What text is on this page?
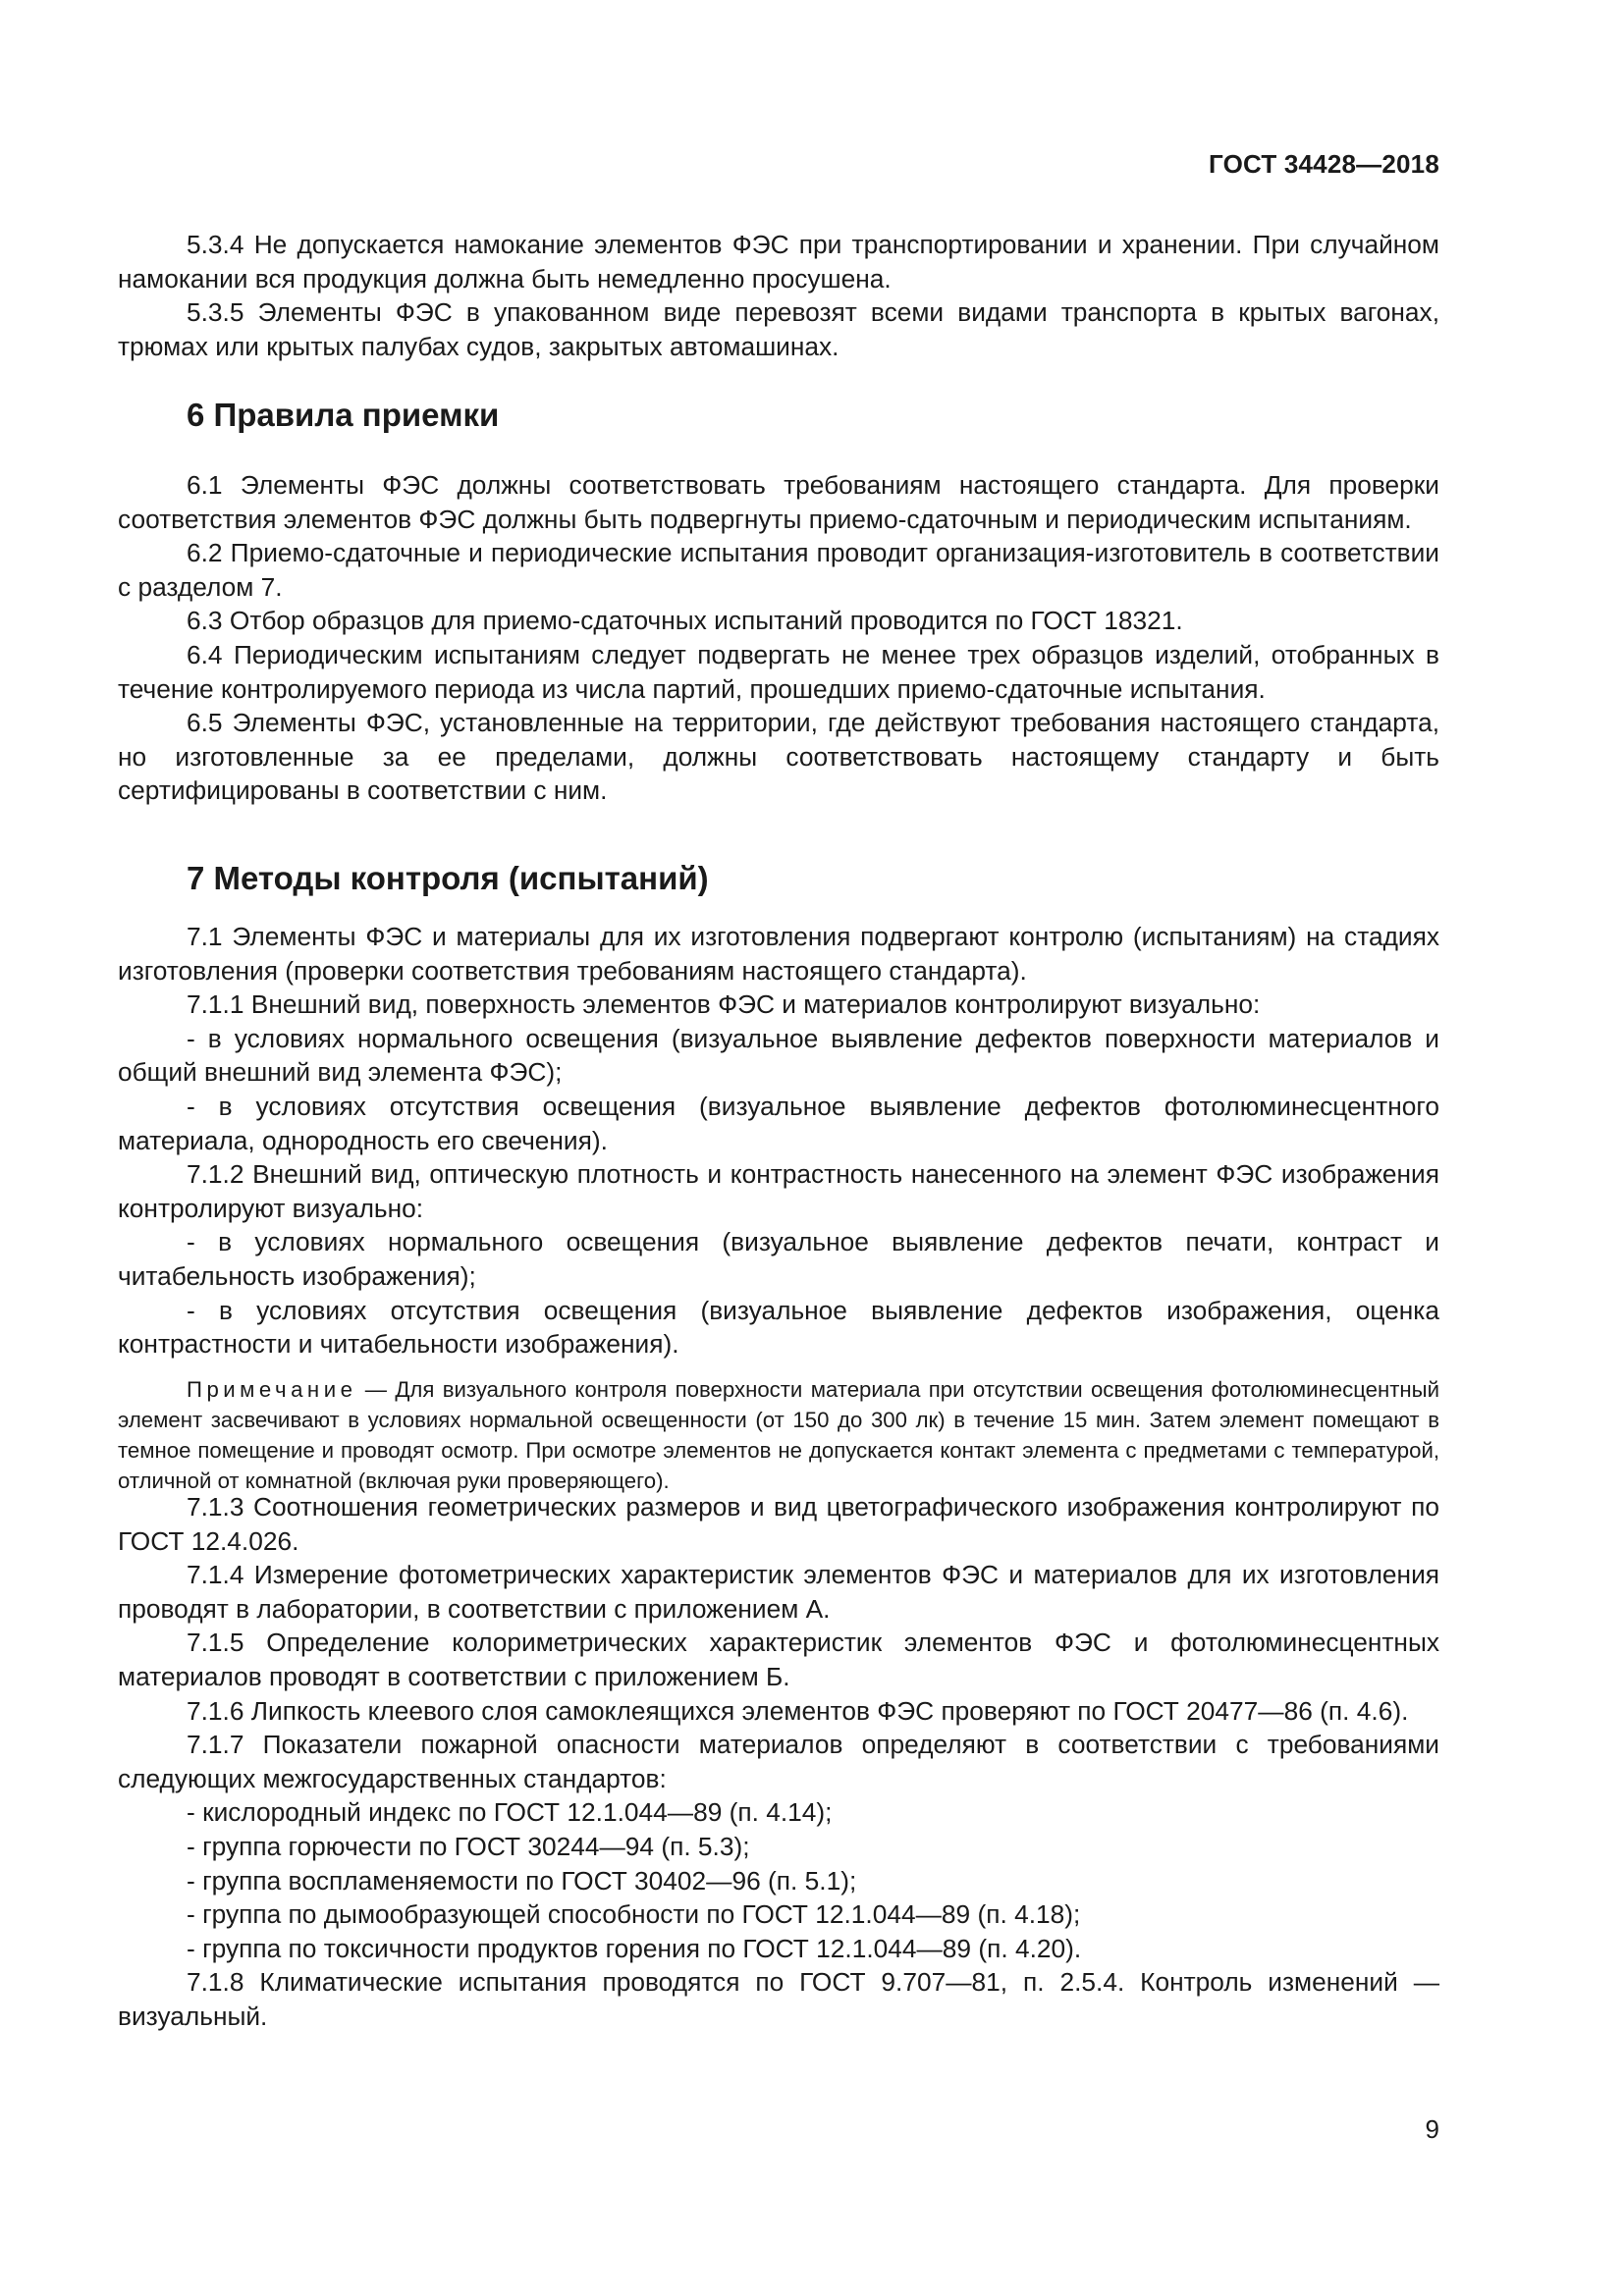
ГОСТ 34428—2018

5.3.4 Не допускается намокание элементов ФЭС при транспортировании и хранении. При случайном намокании вся продукция должна быть немедленно просушена.

5.3.5 Элементы ФЭС в упакованном виде перевозят всеми видами транспорта в крытых вагонах, трюмах или крытых палубах судов, закрытых автомашинах.

6 Правила приемки

6.1 Элементы ФЭС должны соответствовать требованиям настоящего стандарта. Для проверки соответствия элементов ФЭС должны быть подвергнуты приемо-сдаточным и периодическим испытаниям.

6.2 Приемо-сдаточные и периодические испытания проводит организация-изготовитель в соответствии с разделом 7.

6.3 Отбор образцов для приемо-сдаточных испытаний проводится по ГОСТ 18321.

6.4 Периодическим испытаниям следует подвергать не менее трех образцов изделий, отобранных в течение контролируемого периода из числа партий, прошедших приемо-сдаточные испытания.

6.5 Элементы ФЭС, установленные на территории, где действуют требования настоящего стандарта, но изготовленные за ее пределами, должны соответствовать настоящему стандарту и быть сертифицированы в соответствии с ним.

7 Методы контроля (испытаний)

7.1 Элементы ФЭС и материалы для их изготовления подвергают контролю (испытаниям) на стадиях изготовления (проверки соответствия требованиям настоящего стандарта).

7.1.1 Внешний вид, поверхность элементов ФЭС и материалов контролируют визуально:

- в условиях нормального освещения (визуальное выявление дефектов поверхности материалов и общий внешний вид элемента ФЭС);

- в условиях отсутствия освещения (визуальное выявление дефектов фотолюминесцентного материала, однородность его свечения).

7.1.2 Внешний вид, оптическую плотность и контрастность нанесенного на элемент ФЭС изображения контролируют визуально:

- в условиях нормального освещения (визуальное выявление дефектов печати, контраст и читабельность изображения);

- в условиях отсутствия освещения (визуальное выявление дефектов изображения, оценка контрастности и читабельности изображения).

Примечание — Для визуального контроля поверхности материала при отсутствии освещения фотолюминесцентный элемент засвечивают в условиях нормальной освещенности (от 150 до 300 лк) в течение 15 мин. Затем элемент помещают в темное помещение и проводят осмотр. При осмотре элементов не допускается контакт элемента с предметами с температурой, отличной от комнатной (включая руки проверяющего).

7.1.3 Соотношения геометрических размеров и вид цветографического изображения контролируют по ГОСТ 12.4.026.

7.1.4 Измерение фотометрических характеристик элементов ФЭС и материалов для их изготовления проводят в лаборатории, в соответствии с приложением А.

7.1.5 Определение колориметрических характеристик элементов ФЭС и фотолюминесцентных материалов проводят в соответствии с приложением Б.

7.1.6 Липкость клеевого слоя самоклеящихся элементов ФЭС проверяют по ГОСТ 20477—86 (п. 4.6).

7.1.7 Показатели пожарной опасности материалов определяют в соответствии с требованиями следующих межгосударственных стандартов:

- кислородный индекс по ГОСТ 12.1.044—89 (п. 4.14);

- группа горючести по ГОСТ 30244—94 (п. 5.3);

- группа воспламеняемости по ГОСТ 30402—96 (п. 5.1);

- группа по дымообразующей способности по ГОСТ 12.1.044—89 (п. 4.18);

- группа по токсичности продуктов горения по ГОСТ 12.1.044—89 (п. 4.20).

7.1.8 Климатические испытания проводятся по ГОСТ 9.707—81, п. 2.5.4. Контроль изменений — визуальный.

9
